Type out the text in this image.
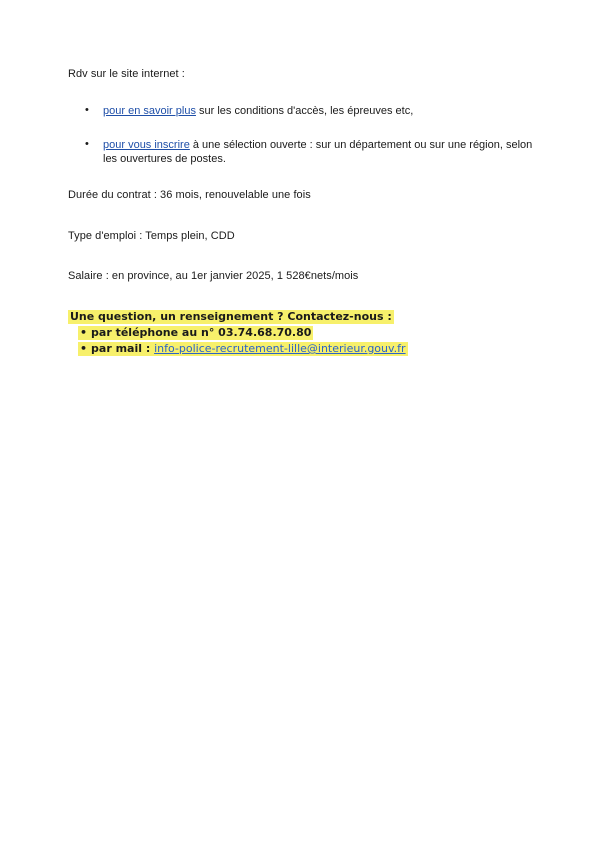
Rdv sur le site internet :
• pour en savoir plus sur les conditions d'accès, les épreuves etc,
• pour vous inscrire à une sélection ouverte : sur un département ou sur une région, selon les ouvertures de postes.
Durée du contrat : 36 mois, renouvelable une fois
Type d'emploi : Temps plein, CDD
Salaire : en province, au 1er janvier 2025, 1 528€nets/mois
Une question, un renseignement ? Contactez-nous :
• par téléphone au n° 03.74.68.70.80
• par mail : info-police-recrutement-lille@interieur.gouv.fr
